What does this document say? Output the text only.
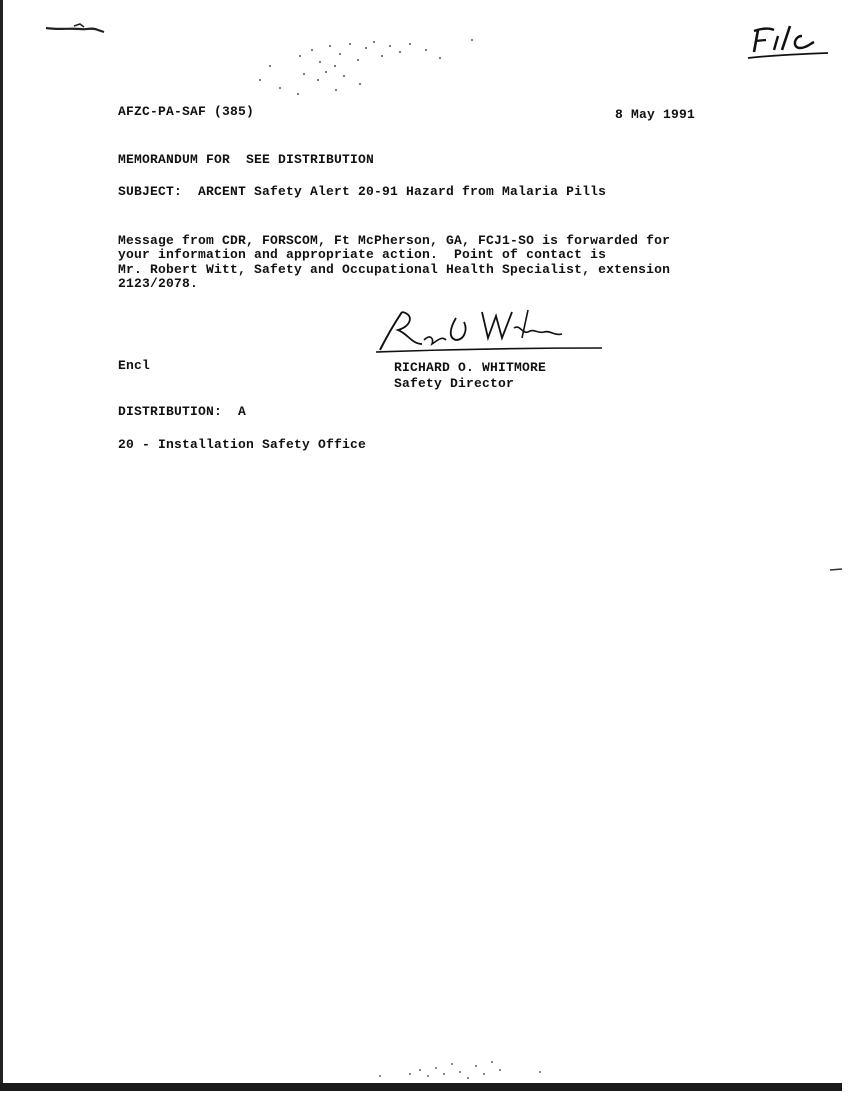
AFZC-PA-SAF (385)	8 May 1991
MEMORANDUM FOR  SEE DISTRIBUTION
SUBJECT:  ARCENT Safety Alert 20-91 Hazard from Malaria Pills
Message from CDR, FORSCOM, Ft McPherson, GA, FCJ1-SO is forwarded for
your information and appropriate action.  Point of contact is
Mr. Robert Witt, Safety and Occupational Health Specialist, extension
2123/2078.
Encl	RICHARD O. WHITMORE
Safety Director
DISTRIBUTION:  A
20 - Installation Safety Office
